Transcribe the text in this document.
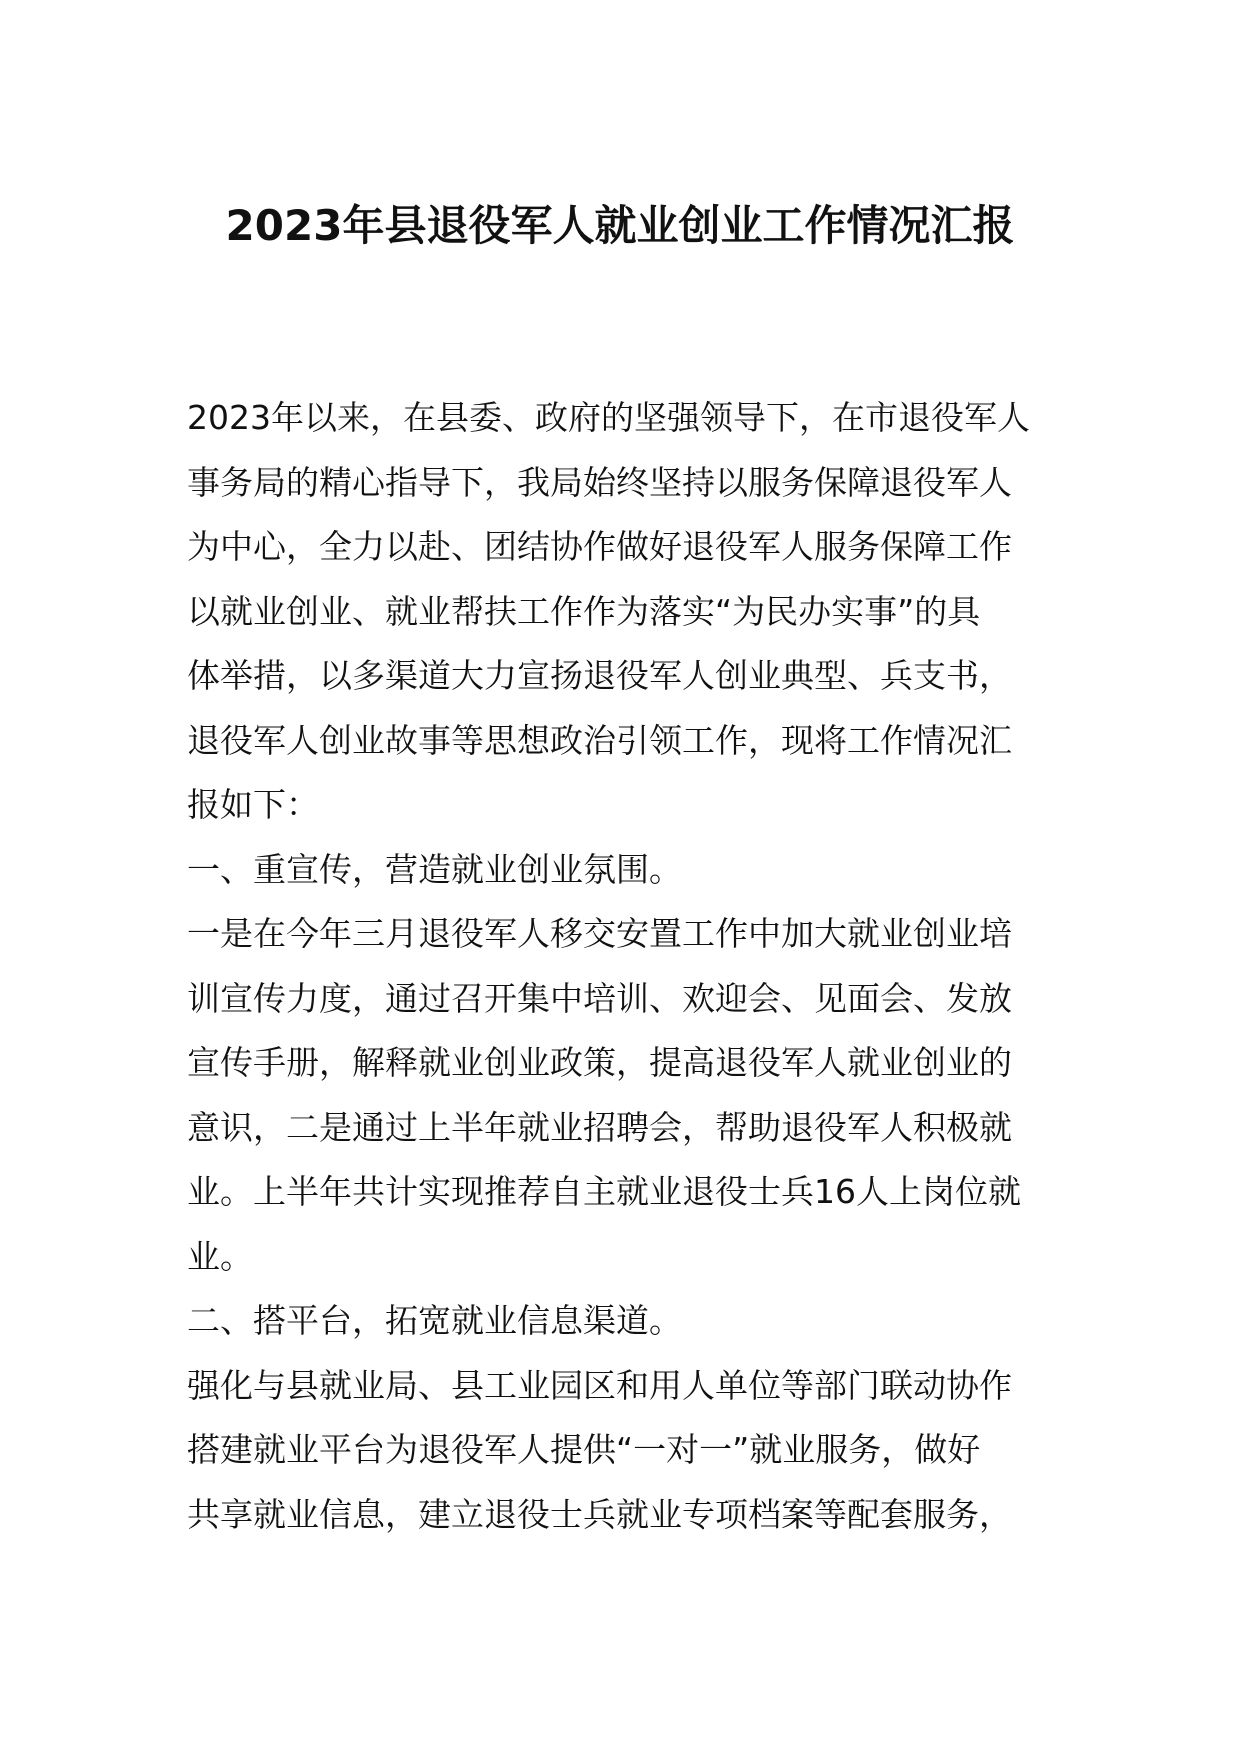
2023年县退役军人就业创业工作情况汇报
2023年以来，在县委、政府的坚强领导下，在市退役军人
事务局的精心指导下，我局始终坚持以服务保障退役军人
为中心，全力以赴、团结协作做好退役军人服务保障工作
以就业创业、就业帮扶工作作为落实“为民办实事”的具
体举措，以多渠道大力宣扬退役军人创业典型、兵支书，
退役军人创业故事等思想政治引领工作，现将工作情况汇
报如下：
一、重宣传，营造就业创业氛围。
一是在今年三月退役军人移交安置工作中加大就业创业培
训宣传力度，通过召开集中培训、欢迎会、见面会、发放
宣传手册，解释就业创业政策，提高退役军人就业创业的
意识，二是通过上半年就业招聘会，帮助退役军人积极就
业。上半年共计实现推荐自主就业退役士兵16人上岗位就
业。
二、搭平台，拓宽就业信息渠道。
强化与县就业局、县工业园区和用人单位等部门联动协作
搭建就业平台为退役军人提供“一对一”就业服务，做好
共享就业信息，建立退役士兵就业专项档案等配套服务，
